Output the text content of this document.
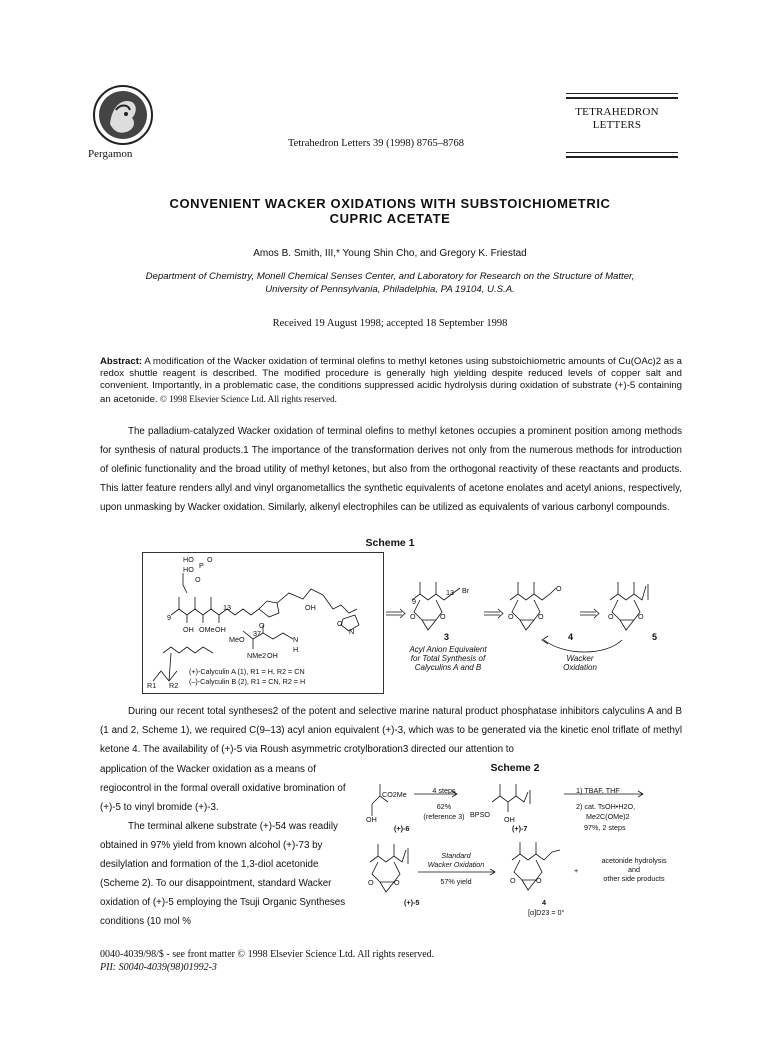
Pergamon
Tetrahedron Letters 39 (1998) 8765–8768
TETRAHEDRON
LETTERS
CONVENIENT WACKER OXIDATIONS WITH SUBSTOICHIOMETRIC
CUPRIC ACETATE
Amos B. Smith, III,* Young Shin Cho, and Gregory K. Friestad
Department of Chemistry, Monell Chemical Senses Center, and Laboratory for Research on the Structure of Matter,
University of Pennsylvania, Philadelphia, PA 19104, U.S.A.
Received 19 August 1998; accepted 18 September 1998
Abstract: A modification of the Wacker oxidation of terminal olefins to methyl ketones using substoichiometric amounts of Cu(OAc)2 as a redox shuttle reagent is described. The modified procedure is generally high yielding despite reduced levels of copper salt and convenient. Importantly, in a problematic case, the conditions suppressed acidic hydrolysis during oxidation of substrate (+)-5 containing an acetonide. © 1998 Elsevier Science Ltd. All rights reserved.
The palladium-catalyzed Wacker oxidation of terminal olefins to methyl ketones occupies a prominent position among methods for synthesis of natural products.1 The importance of the transformation derives not only from the numerous methods for introduction of olefinic functionality and the broad utility of methyl ketones, but also from the orthogonal reactivity of these reactants and products. This latter feature renders allyl and vinyl organometallics the synthetic equivalents of acetone enolates and acetyl anions, respectively, upon unmasking by Wacker oxidation. Similarly, alkenyl electrophiles can be utilized as equivalents of various carbonyl compounds.
Scheme 1
HO
HO P
O
O
OH
OH OMe OH	O
MeO
NMe2 OH
N
O
N
H
9
13
37
R1 R2
(+)-Calyculin A (1), R1 = H, R2 = CN
(–)-Calyculin B (2), R1 = CN, R2 = H
9
13 Br
O	O	O	O
O
O	O
3	4	5
Acyl Anion Equivalent
for Total Synthesis of
Calyculins A and B
Wacker
Oxidation
During our recent total syntheses2 of the potent and selective marine natural product phosphatase inhibitors calyculins A and B (1 and 2, Scheme 1), we required C(9–13) acyl anion equivalent (+)-3, which was to be generated via the kinetic enol triflate of methyl ketone 4. The availability of (+)-5 via Roush asymmetric crotylboration3 directed our attention to
application of the Wacker oxidation as a means of regiocontrol in the formal overall oxidative bromination of (+)-5 to vinyl bromide (+)-3.
The terminal alkene substrate (+)-54 was readily obtained in 97% yield from known alcohol (+)-73 by desilylation and formation of the 1,3-diol acetonide (Scheme 2). To our disappointment, standard Wacker oxidation of (+)-5 employing the Tsuji Organic Syntheses conditions (10 mol %
Scheme 2
CO2Me
OH
BPSO
OH
O	O	O	O
4 steps
62%
(reference 3)
(+)-6	(+)-7
1) TBAF, THF
2) cat. TsOH•H2O,
Me2C(OMe)2
97%, 2 steps
Standard
Wacker Oxidation
57% yield
(+)-5	4
[α]D23 = 0°
+
acetonide hydrolysis
and
other side products
0040-4039/98/$ - see front matter © 1998 Elsevier Science Ltd. All rights reserved.
PII: S0040-4039(98)01992-3
